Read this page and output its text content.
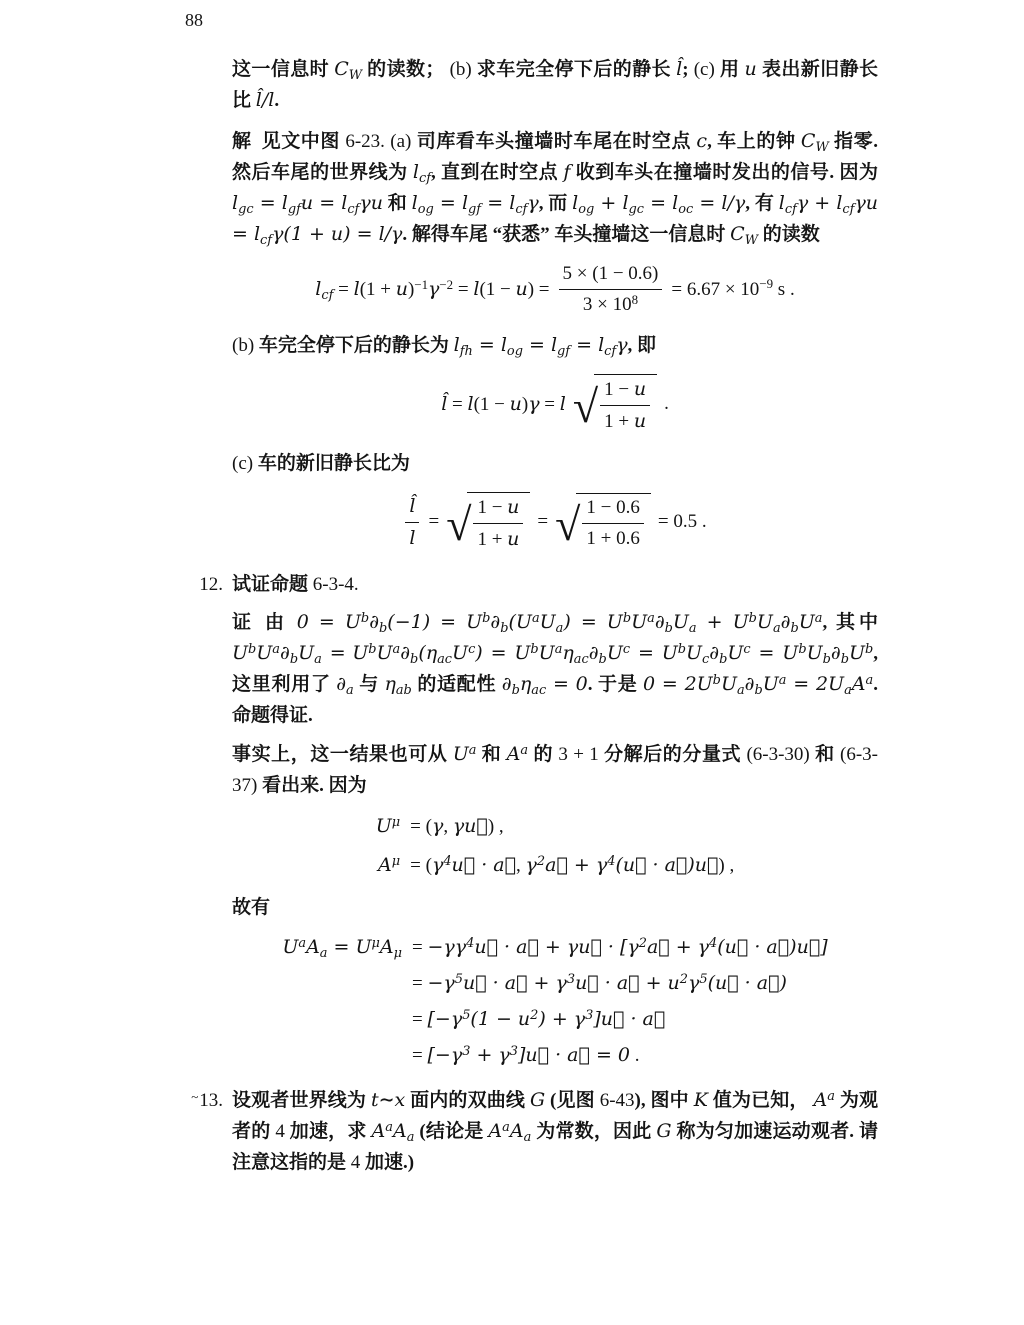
88

这一信息时 $C_W$ 的读数； (b) 求车完全停下后的静长 l̂; (c) 用 u 表出新旧静长比 l̂/l.

解 见文中图 6-23. (a) 司库看车头撞墙时车尾在时空点 c, 车上的钟 $C_W$ 指零. 然后车尾的世界线为 $l_{cf}$, 直到在时空点 f 收到车头在撞墙时发出的信号. 因为 $l_{gc} = l_{gf}u = l_{cf}\gamma u$ 和 $l_{og} = l_{gf} = l_{cf}\gamma$, 而 $l_{og} + l_{gc} = l_{oc} = l/\gamma$, 有 $l_{cf}\gamma + l_{cf}\gamma u = l_{cf}\gamma(1 + u) = l/\gamma$. 解得车尾 “获悉” 车头撞墙这一信息时 $C_W$ 的读数

$l_{cf} = l(1 + u)^{-1}\gamma^{-2} = l(1 - u) = \frac{5 \times (1 - 0.6)}{3 \times 10^8} = 6.67 \times 10^{-9}$ s .

(b) 车完全停下后的静长为 $l_{fh} = l_{og} = l_{gf} = l_{cf}\gamma$, 即

l̂ = l(1 − u)γ = l √ $\frac{1 - u}{1 + u}$ .

(c) 车的新旧静长比为

$\frac{l̂}{l}$ = √ $\frac{1 - u}{1 + u}$ = √ $\frac{1 - 0.6}{1 + 0.6} = 0.5$ .
12. 试证命题 6-3-4.

证 由 $0 = U^b\partial_b(-1) = U^b\partial_b(U^aU_a) = U^bU^a\partial_bU_a + U^bU_a\partial_bU^a$, 其中 $U^bU^a\partial_bU_a = U^bU^a\partial_b(\eta_{ac}U^c) = U^bU^a\eta_{ac}\partial_bU^c = U^bU_c\partial_bU^c = U^bU_b\partial_bU^b$, 这里利用了 $\partial_a$ 与 $\eta_{ab}$ 的适配性 $\partial_b\eta_{ac} = 0$. 于是 $0 = 2U^bU_a\partial_bU^a = 2U_aA^a$. 命题得证.

事实上，这一结果也可从 $U^a$ 和 $A^a$ 的 3 + 1 分解后的分量式 (6-3-30) 和 (6-3-37) 看出来. 因为

$U^\mu = (\gamma$, γu⃗) ,
$A^\mu$ = ($\gamma^4u⃗$ · a⃗, $\gamma^2a⃗$ + $\gamma^4(u⃗$ · a⃗)u⃗) ,

故有

$U^aA_a = U^\mu A_\mu$ = $-\gamma\gamma^4u⃗$ · a⃗ + γu⃗ · [$\gamma^2a⃗$ + $\gamma^4(u⃗$ · a⃗)u⃗]
= $-\gamma^5u⃗$ · a⃗ + $\gamma^3u⃗$ · a⃗ + $u^2\gamma^5(u⃗$ · a⃗)
= [$-\gamma^5(1 - u^2)$ + $\gamma^3]u⃗$ · a⃗
= [$-\gamma^3$ + $\gamma^3]u⃗$ · a⃗ = 0 .
~13. 设观者世界线为 t∼x 面内的双曲线 G (见图 6-43), 图中 K 值为已知， $A^a$ 为观者的 4 加速，求 $A^aA_a$ (结论是 $A^aA_a$ 为常数，因此 G 称为匀加速运动观者. 请注意这指的是 4 加速.)
